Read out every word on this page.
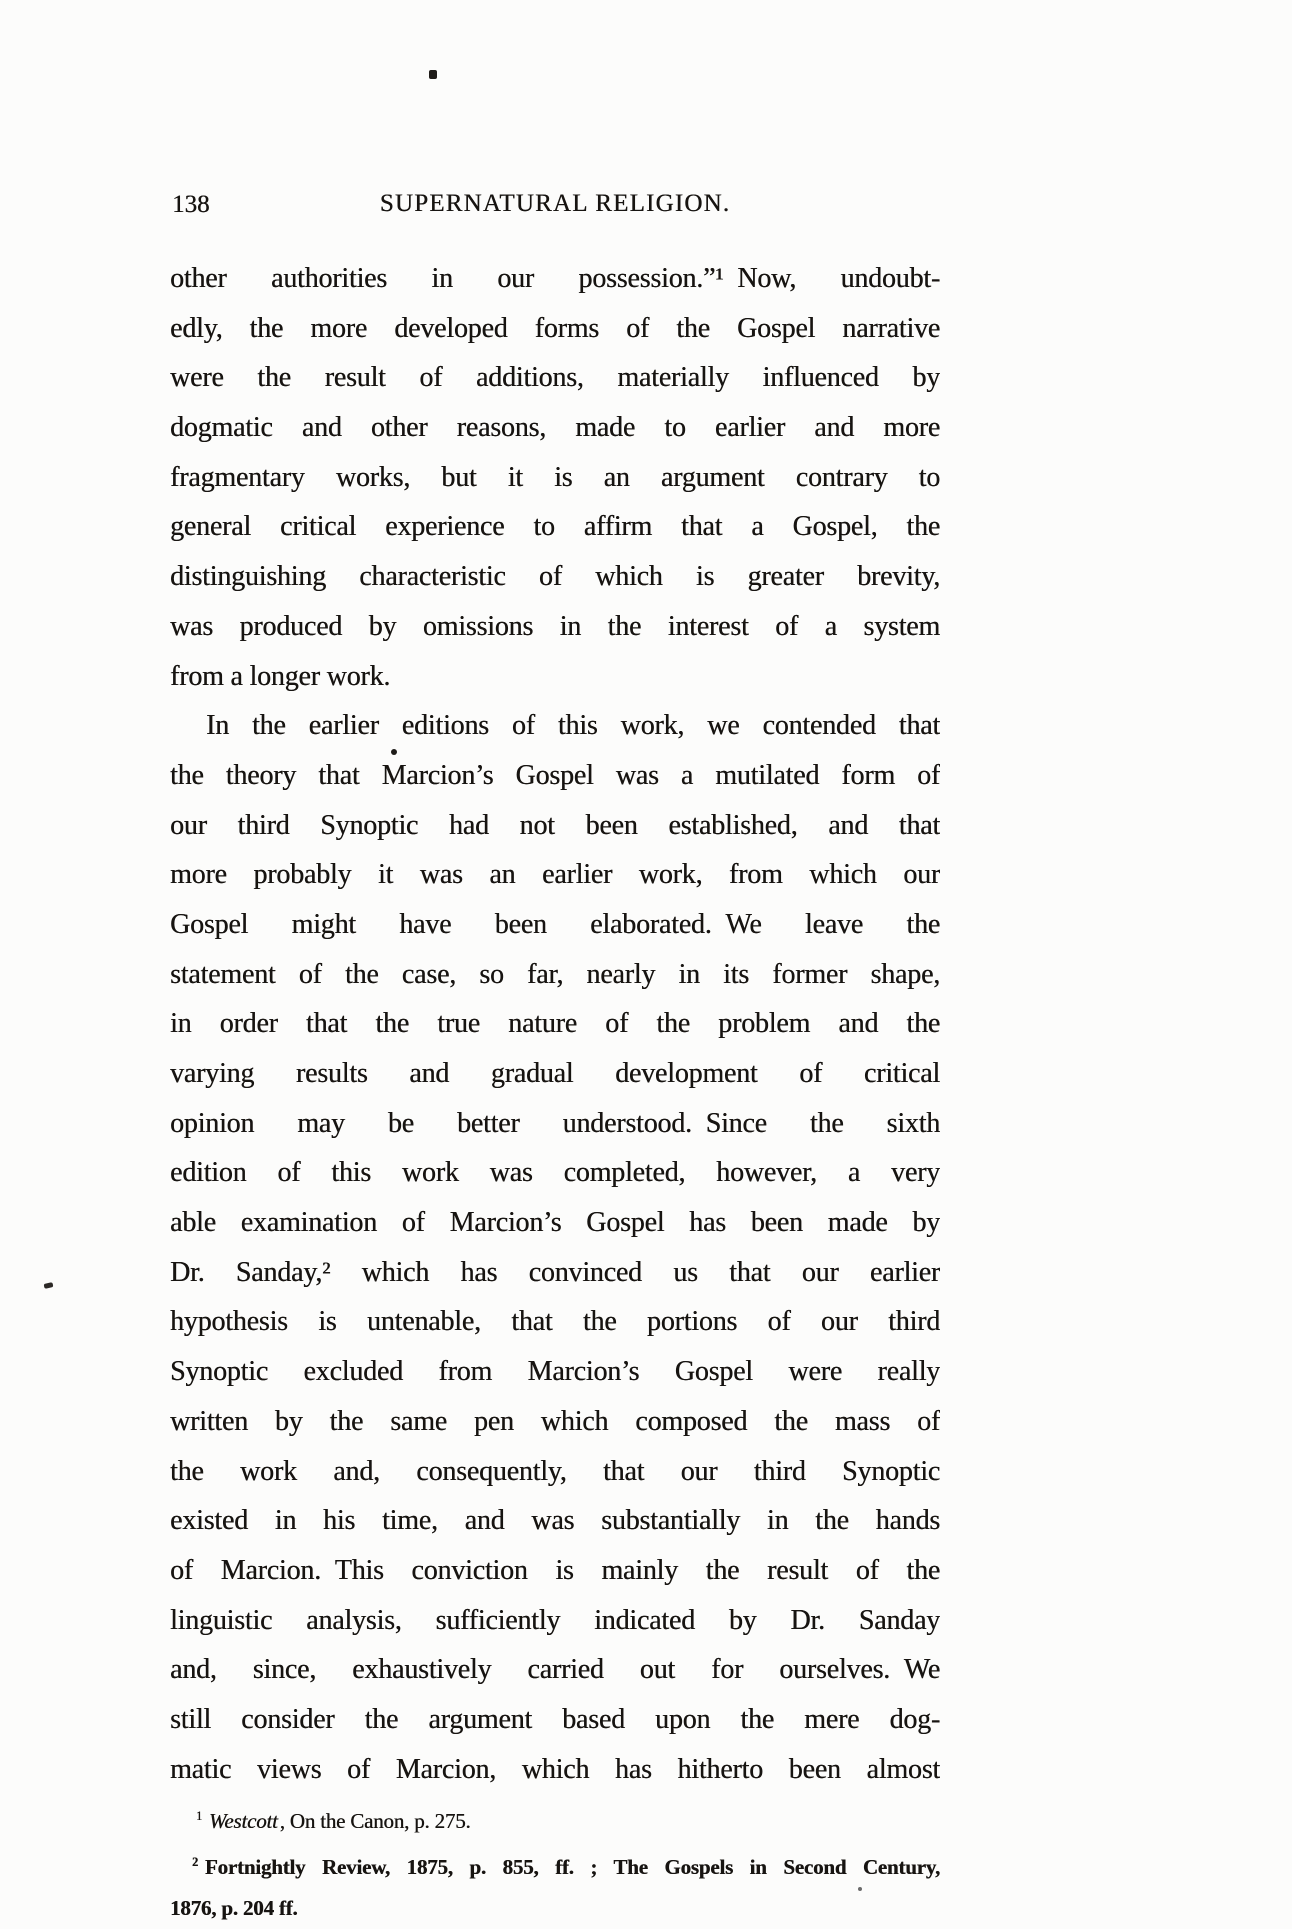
138	SUPERNATURAL RELIGION.
other authorities in our possession.”¹ Now, undoubt-
edly, the more developed forms of the Gospel narrative
were the result of additions, materially influenced by
dogmatic and other reasons, made to earlier and more
fragmentary works, but it is an argument contrary to
general critical experience to affirm that a Gospel, the
distinguishing characteristic of which is greater brevity,
was produced by omissions in the interest of a system
from a longer work.
In the earlier editions of this work, we contended that
the theory that Marcion’s Gospel was a mutilated form of
our third Synoptic had not been established, and that
more probably it was an earlier work, from which our
Gospel might have been elaborated. We leave the
statement of the case, so far, nearly in its former shape,
in order that the true nature of the problem and the
varying results and gradual development of critical
opinion may be better understood. Since the sixth
edition of this work was completed, however, a very
able examination of Marcion’s Gospel has been made by
Dr. Sanday,² which has convinced us that our earlier
hypothesis is untenable, that the portions of our third
Synoptic excluded from Marcion’s Gospel were really
written by the same pen which composed the mass of
the work and, consequently, that our third Synoptic
existed in his time, and was substantially in the hands
of Marcion. This conviction is mainly the result of the
linguistic analysis, sufficiently indicated by Dr. Sanday
and, since, exhaustively carried out for ourselves. We
still consider the argument based upon the mere dog-
matic views of Marcion, which has hitherto been almost
$^1$ Westcott, On the Canon, p. 275.
$^2$ Fortnightly Review, 1875, p. 855, ff. ; The Gospels in Second Century,
1876, p. 204 ff.
